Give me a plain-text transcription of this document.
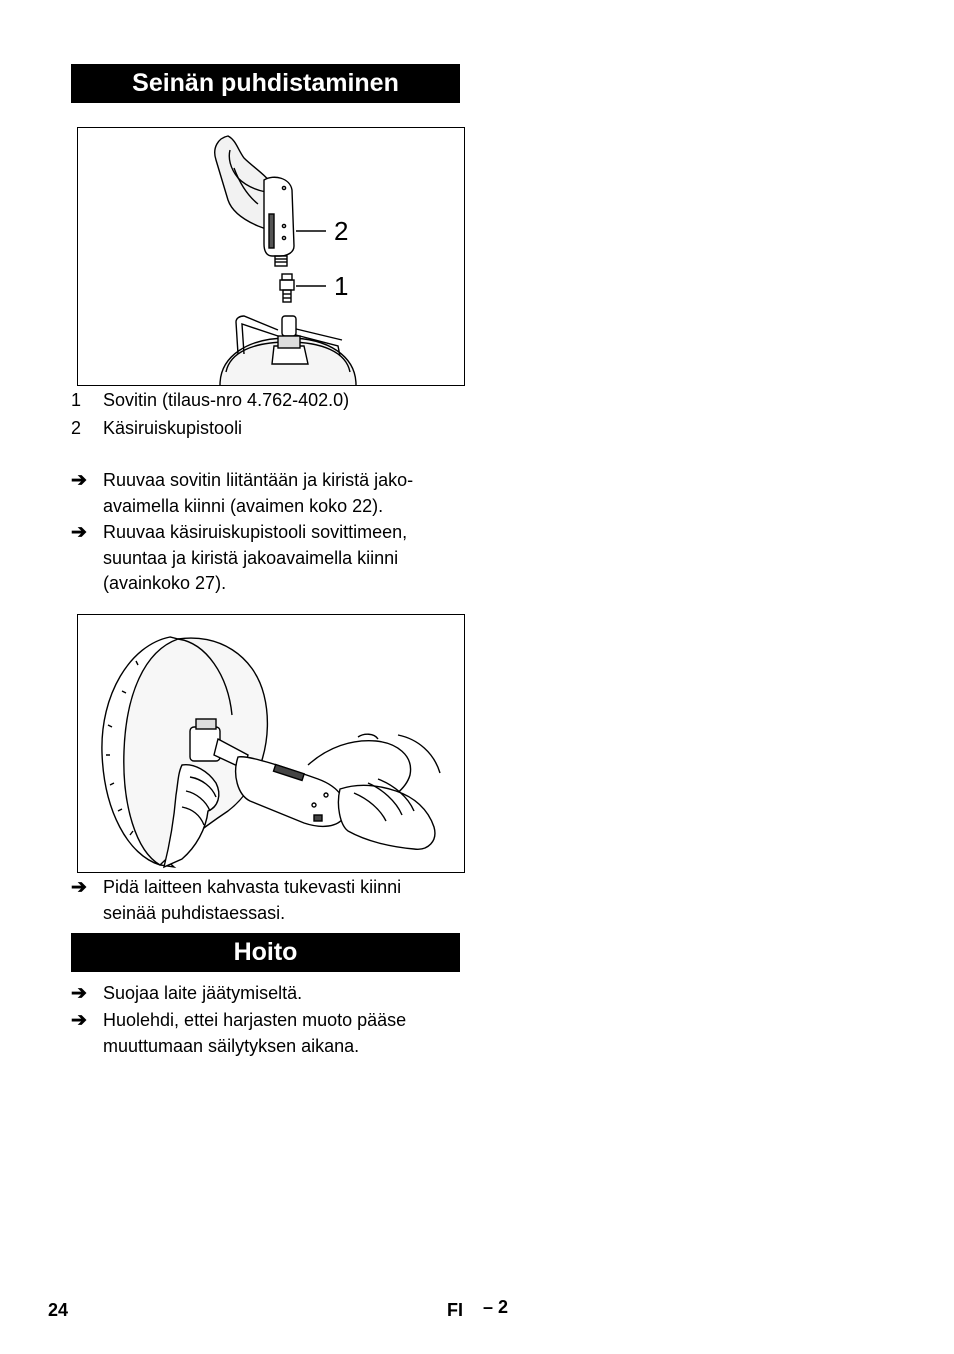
Seinän puhdistaminen
2
1
1	Sovitin (tilaus-nro 4.762-402.0)
2	Käsiruiskupistooli
➔ Ruuvaa sovitin liitäntään ja kiristä jako-
avaimella kiinni (avaimen koko 22).
➔ Ruuvaa käsiruiskupistooli sovittimeen,
suuntaa ja kiristä jakoavaimella kiinni
(avainkoko 27).
➔ Pidä laitteen kahvasta tukevasti kiinni
seinää puhdistaessasi.
Hoito
➔ Suojaa laite jäätymiseltä.
➔ Huolehdi, ettei harjasten muoto pääse
muuttumaan säilytyksen aikana.
24	FI – 2
